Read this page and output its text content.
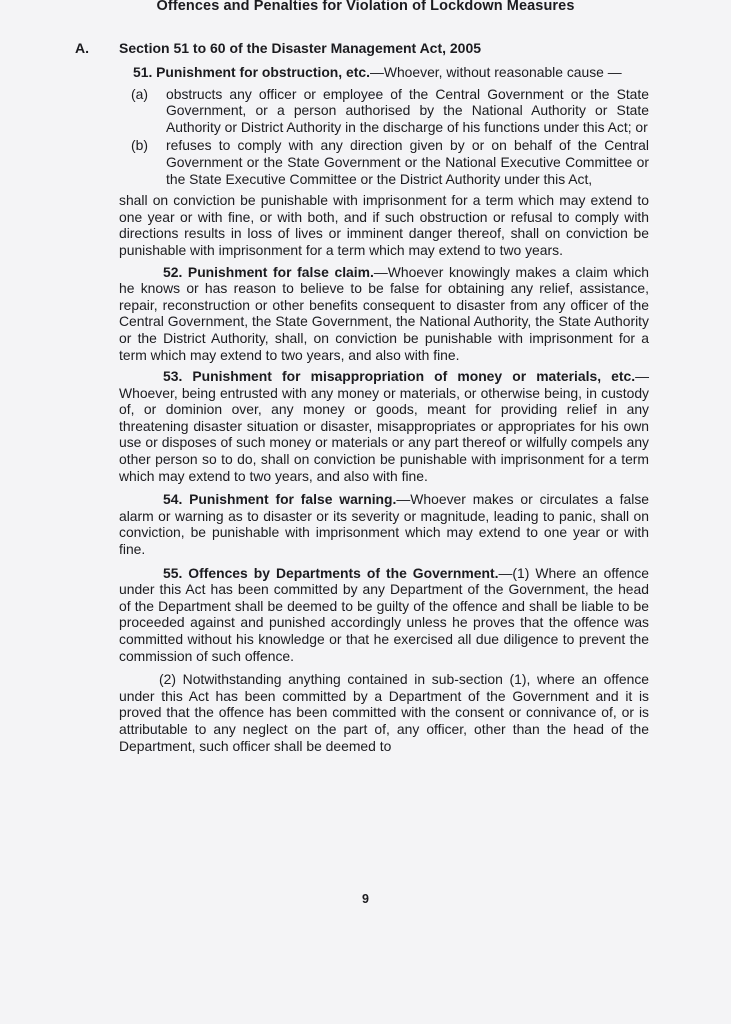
Offences and Penalties for Violation of Lockdown Measures
A. Section 51 to 60 of the Disaster Management Act, 2005

51. Punishment for obstruction, etc.—Whoever, without reasonable cause —

(a) obstructs any officer or employee of the Central Government or the State Government, or a person authorised by the National Authority or State Authority or District Authority in the discharge of his functions under this Act; or
(b) refuses to comply with any direction given by or on behalf of the Central Government or the State Government or the National Executive Committee or the State Executive Committee or the District Authority under this Act,

shall on conviction be punishable with imprisonment for a term which may extend to one year or with fine, or with both, and if such obstruction or refusal to comply with directions results in loss of lives or imminent danger thereof, shall on conviction be punishable with imprisonment for a term which may extend to two years.

52. Punishment for false claim.—Whoever knowingly makes a claim which he knows or has reason to believe to be false for obtaining any relief, assistance, repair, reconstruction or other benefits consequent to disaster from any officer of the Central Government, the State Government, the National Authority, the State Authority or the District Authority, shall, on conviction be punishable with imprisonment for a term which may extend to two years, and also with fine.

53. Punishment for misappropriation of money or materials, etc.—Whoever, being entrusted with any money or materials, or otherwise being, in custody of, or dominion over, any money or goods, meant for providing relief in any threatening disaster situation or disaster, misappropriates or appropriates for his own use or disposes of such money or materials or any part thereof or wilfully compels any other person so to do, shall on conviction be punishable with imprisonment for a term which may extend to two years, and also with fine.

54. Punishment for false warning.—Whoever makes or circulates a false alarm or warning as to disaster or its severity or magnitude, leading to panic, shall on conviction, be punishable with imprisonment which may extend to one year or with fine.

55. Offences by Departments of the Government.—(1) Where an offence under this Act has been committed by any Department of the Government, the head of the Department shall be deemed to be guilty of the offence and shall be liable to be proceeded against and punished accordingly unless he proves that the offence was committed without his knowledge or that he exercised all due diligence to prevent the commission of such offence.

(2) Notwithstanding anything contained in sub-section (1), where an offence under this Act has been committed by a Department of the Government and it is proved that the offence has been committed with the consent or connivance of, or is attributable to any neglect on the part of, any officer, other than the head of the Department, such officer shall be deemed to

9
